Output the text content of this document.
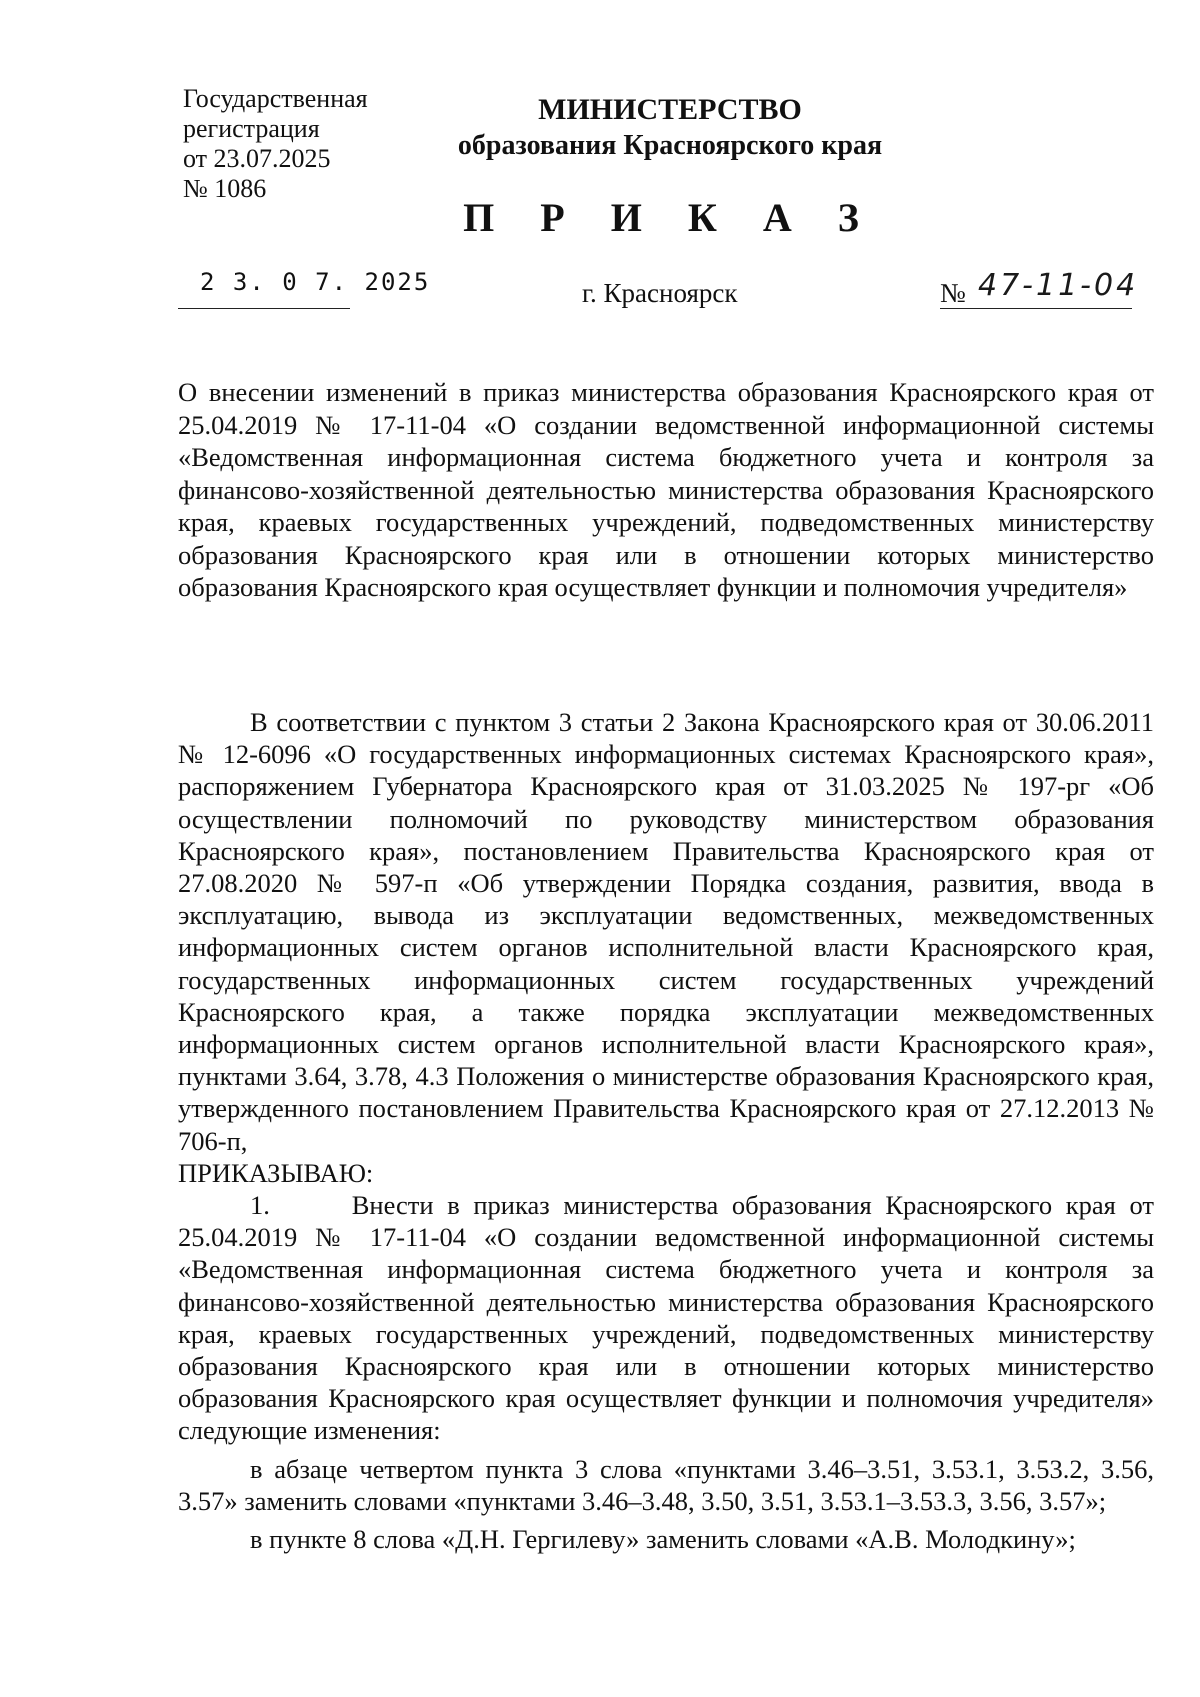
Государственная
регистрация
от 23.07.2025
№ 1086
МИНИСТЕРСТВО
образования Красноярского края
П Р И К А З
2 3. 0 7. 2025	г. Красноярск	№ 47-11-04
О внесении изменений в приказ министерства образования Красноярского края от 25.04.2019 № 17-11-04 «О создании ведомственной информационной системы «Ведомственная информационная система бюджетного учета и контроля за финансово-хозяйственной деятельностью министерства образования Красноярского края, краевых государственных учреждений, подведомственных министерству образования Красноярского края или в отношении которых министерство образования Красноярского края осуществляет функции и полномочия учредителя»

В соответствии с пунктом 3 статьи 2 Закона Красноярского края от 30.06.2011 № 12-6096 «О государственных информационных системах Красноярского края», распоряжением Губернатора Красноярского края от 31.03.2025 № 197-рг «Об осуществлении полномочий по руководству министерством образования Красноярского края», постановлением Правительства Красноярского края от 27.08.2020 № 597-п «Об утверждении Порядка создания, развития, ввода в эксплуатацию, вывода из эксплуатации ведомственных, межведомственных информационных систем органов исполнительной власти Красноярского края, государственных информационных систем государственных учреждений Красноярского края, а также порядка эксплуатации межведомственных информационных систем органов исполнительной власти Красноярского края», пунктами 3.64, 3.78, 4.3 Положения о министерстве образования Красноярского края, утвержденного постановлением Правительства Красноярского края от 27.12.2013 № 706-п,

ПРИКАЗЫВАЮ:

1.      Внести в приказ министерства образования Красноярского края от 25.04.2019 № 17-11-04 «О создании ведомственной информационной системы «Ведомственная информационная система бюджетного учета и контроля за финансово-хозяйственной деятельностью министерства образования Красноярского края, краевых государственных учреждений, подведомственных министерству образования Красноярского края или в отношении которых министерство образования Красноярского края осуществляет функции и полномочия учредителя» следующие изменения:

в абзаце четвертом пункта 3 слова «пунктами 3.46–3.51, 3.53.1, 3.53.2, 3.56, 3.57» заменить словами «пунктами 3.46–3.48, 3.50, 3.51, 3.53.1–3.53.3, 3.56, 3.57»;

в пункте 8 слова «Д.Н. Гергилеву» заменить словами «А.В. Молодкину»;
